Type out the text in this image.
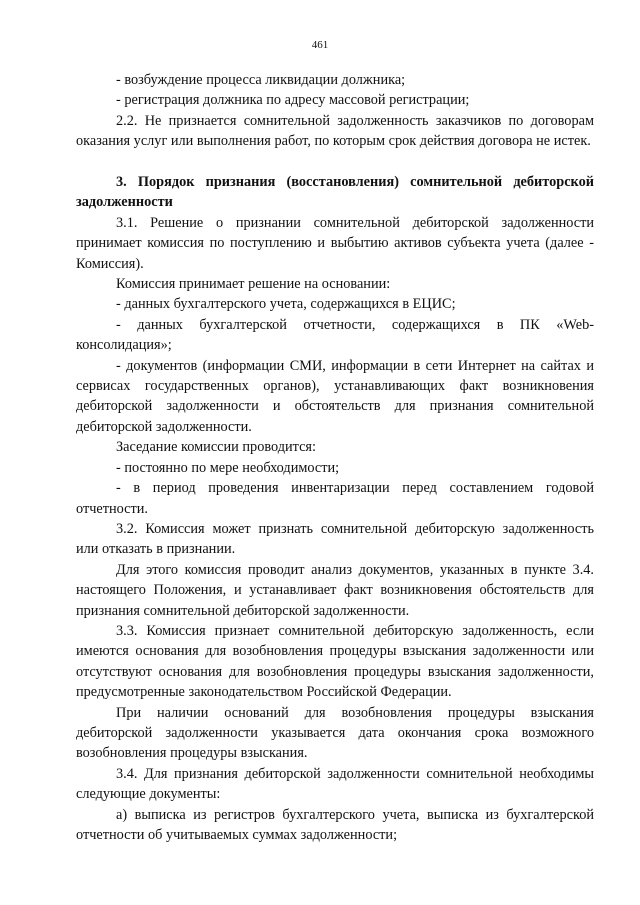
461

- возбуждение процесса ликвидации должника;

- регистрация должника по адресу массовой регистрации;

2.2. Не признается сомнительной задолженность заказчиков по договорам оказания услуг или выполнения работ, по которым срок действия договора не истек.

3. Порядок признания (восстановления) сомнительной дебиторской задолженности

3.1. Решение о признании сомнительной дебиторской задолженности принимает комиссия по поступлению и выбытию активов субъекта учета (далее - Комиссия).

Комиссия принимает решение на основании:

- данных бухгалтерского учета, содержащихся в ЕЦИС;

- данных бухгалтерской отчетности, содержащихся в ПК «Web-консолидация»;

- документов (информации СМИ, информации в сети Интернет на сайтах и сервисах государственных органов), устанавливающих факт возникновения дебиторской задолженности и обстоятельств для признания сомнительной дебиторской задолженности.

Заседание комиссии проводится:

- постоянно по мере необходимости;

- в период проведения инвентаризации перед составлением годовой отчетности.

3.2. Комиссия может признать сомнительной дебиторскую задолженность или отказать в признании.

Для этого комиссия проводит анализ документов, указанных в пункте 3.4. настоящего Положения, и устанавливает факт возникновения обстоятельств для признания сомнительной дебиторской задолженности.

3.3. Комиссия признает сомнительной дебиторскую задолженность, если имеются основания для возобновления процедуры взыскания задолженности или отсутствуют основания для возобновления процедуры взыскания задолженности, предусмотренные законодательством Российской Федерации.

При наличии оснований для возобновления процедуры взыскания дебиторской задолженности указывается дата окончания срока возможного возобновления процедуры взыскания.

3.4. Для признания дебиторской задолженности сомнительной необходимы следующие документы:

а) выписка из регистров бухгалтерского учета, выписка из бухгалтерской отчетности об учитываемых суммах задолженности;
